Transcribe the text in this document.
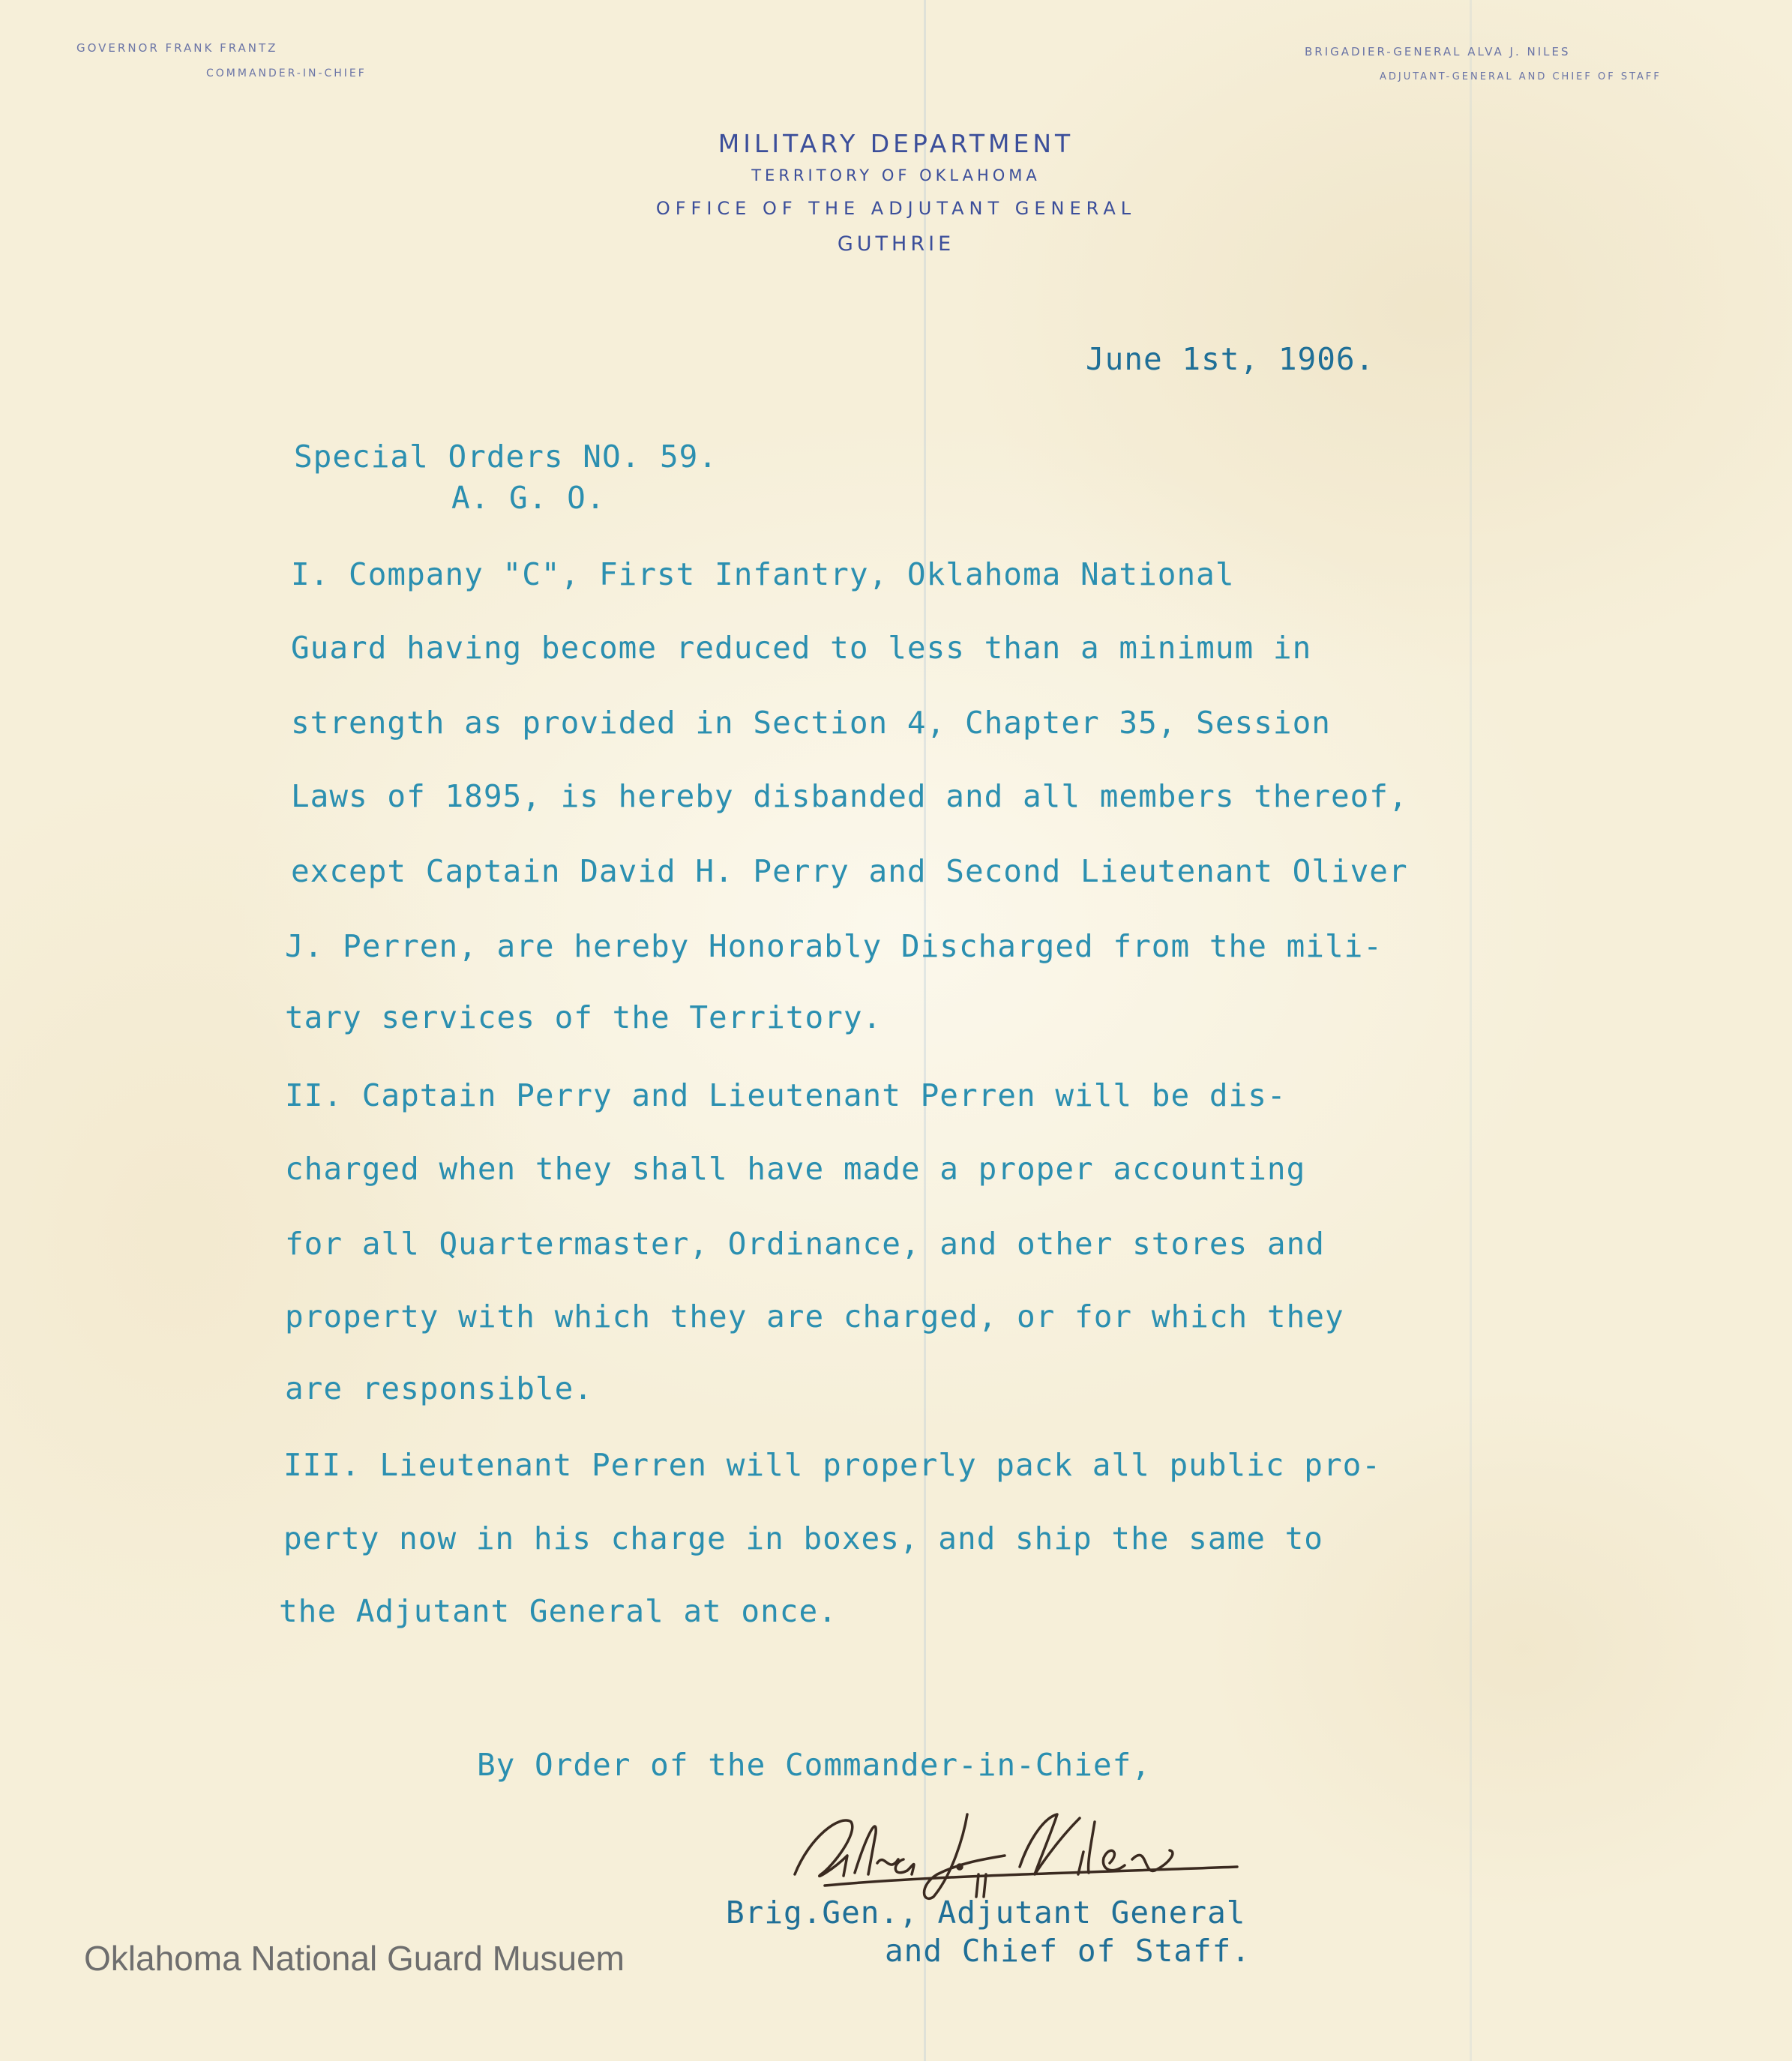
GOVERNOR FRANK FRANTZ
COMMANDER-IN-CHIEF
BRIGADIER-GENERAL ALVA J. NILES
ADJUTANT-GENERAL AND CHIEF OF STAFF
MILITARY DEPARTMENT
TERRITORY OF OKLAHOMA
OFFICE OF THE ADJUTANT GENERAL
GUTHRIE
June 1st, 1906.
Special Orders NO. 59.
A. G. O.
I. Company "C", First Infantry, Oklahoma National
Guard having become reduced to less than a minimum in
strength as provided in Section 4, Chapter 35, Session
Laws of 1895, is hereby disbanded and all members thereof,
except Captain David H. Perry and Second Lieutenant Oliver
J. Perren, are hereby Honorably Discharged from the mili-
tary services of the Territory.
II. Captain Perry and Lieutenant Perren will be dis-
charged when they shall have made a proper accounting
for all Quartermaster, Ordinance, and other stores and
property with which they are charged, or for which they
are responsible.
III. Lieutenant Perren will properly pack all public pro-
perty now in his charge in boxes, and ship the same to
the Adjutant General at once.
By Order of the Commander-in-Chief,
Brig.Gen., Adjutant General
and Chief of Staff.
Oklahoma National Guard Musuem
